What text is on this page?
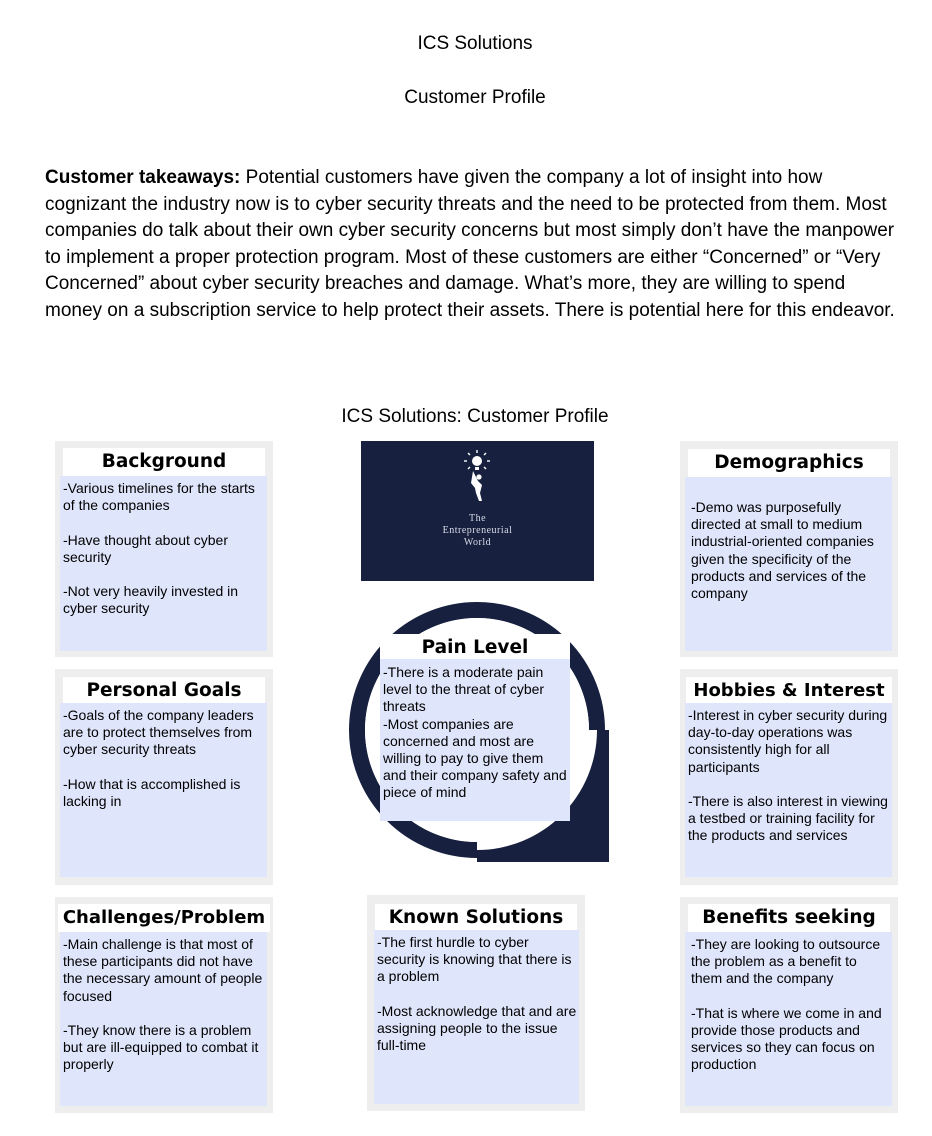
ICS Solutions
Customer Profile
Customer takeaways: Potential customers have given the company a lot of insight into how cognizant the industry now is to cyber security threats and the need to be protected from them. Most companies do talk about their own cyber security concerns but most simply don’t have the manpower to implement a proper protection program. Most of these customers are either “Concerned” or “Very Concerned” about cyber security breaches and damage. What’s more, they are willing to spend money on a subscription service to help protect their assets. There is potential here for this endeavor.
ICS Solutions: Customer Profile
Background

-Various timelines for the starts of the companies

-Have thought about cyber security

-Not very heavily invested in cyber security

Demographics

-Demo was purposefully directed at small to medium industrial-oriented companies given the specificity of the products and services of the company

The
Entrepreneurial
World
Pain Level
-There is a moderate pain level to the threat of cyber threats
-Most companies are concerned and most are willing to pay to give them and their company safety and piece of mind
Personal Goals

-Goals of the company leaders are to protect themselves from cyber security threats

-How that is accomplished is lacking in

Hobbies & Interest

-Interest in cyber security during day-to-day operations was consistently high for all participants

-There is also interest in viewing a testbed or training facility for the products and services

Challenges/Problem

-Main challenge is that most of these participants did not have the necessary amount of people focused

-They know there is a problem but are ill-equipped to combat it properly

Known Solutions

-The first hurdle to cyber security is knowing that there is a problem

-Most acknowledge that and are assigning people to the issue full-time

Benefits seeking

-They are looking to outsource the problem as a benefit to them and the company

-That is where we come in and provide those products and services so they can focus on production
